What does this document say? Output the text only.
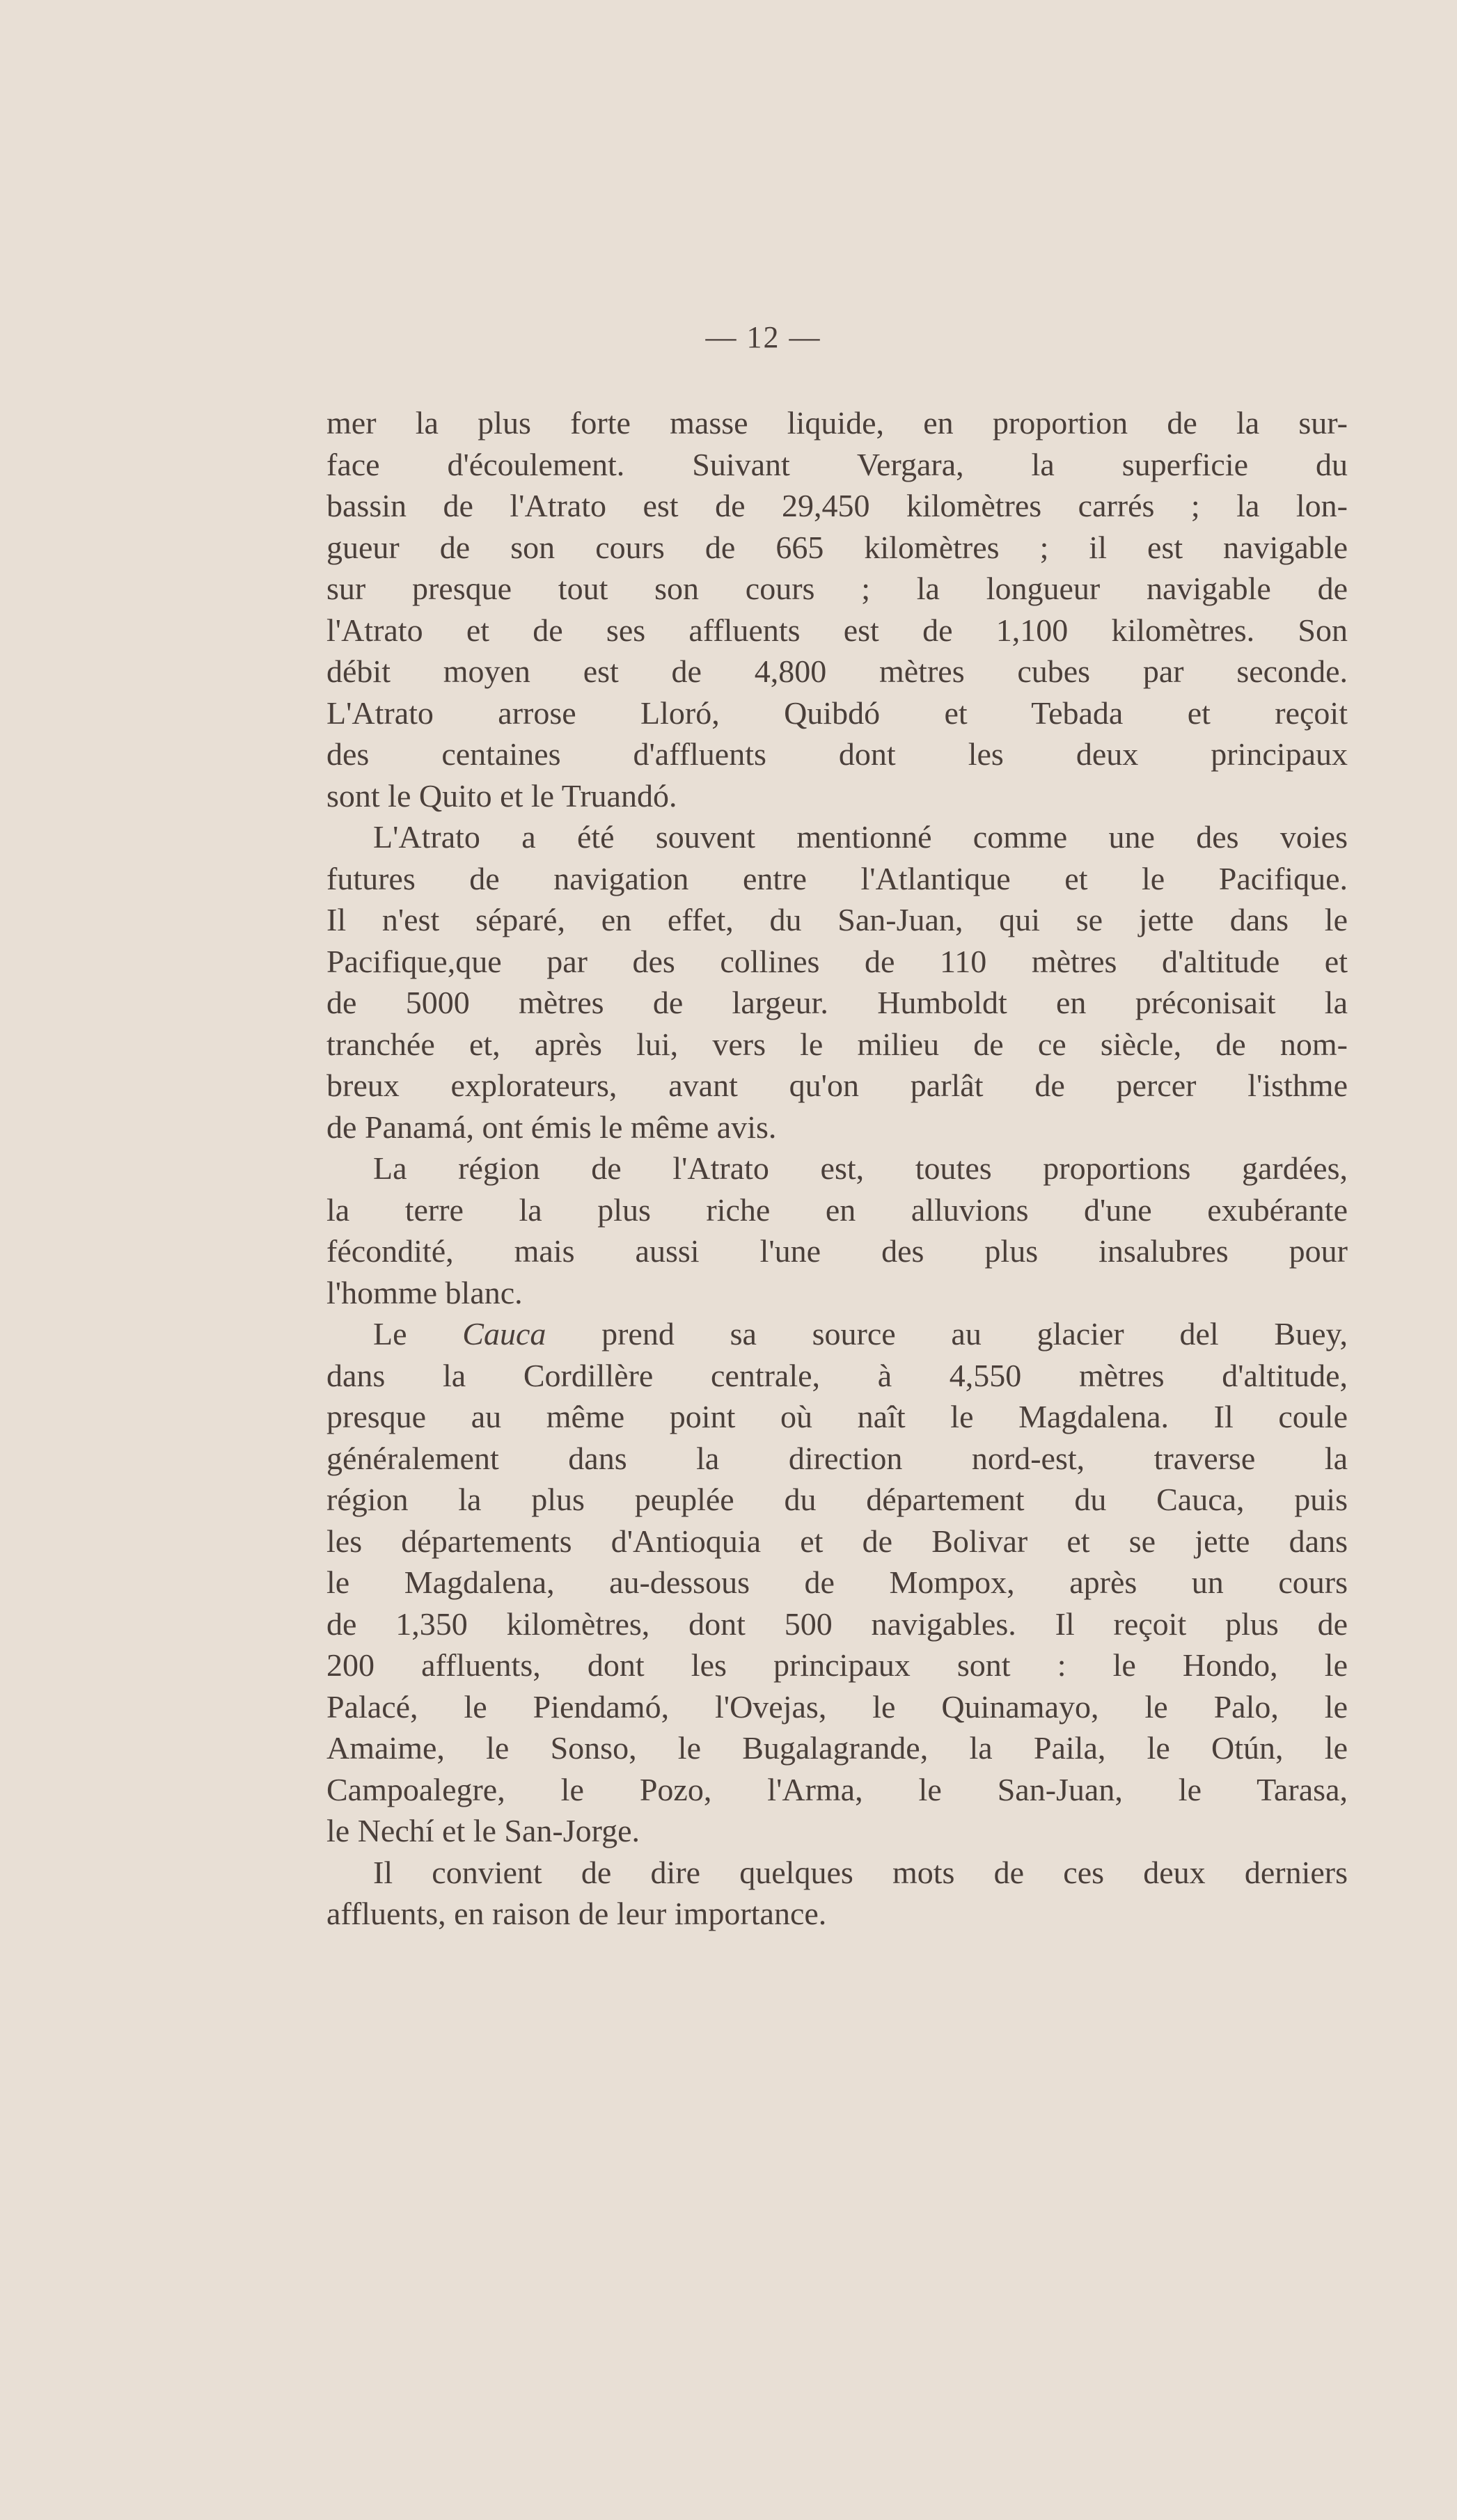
— 12 —
mer la plus forte masse liquide, en proportion de la sur-
face d'écoulement. Suivant Vergara, la superficie du
bassin de l'Atrato est de 29,450 kilomètres carrés ; la lon-
gueur de son cours de 665 kilomètres ; il est navigable
sur presque tout son cours ; la longueur navigable de
l'Atrato et de ses affluents est de 1,100 kilomètres. Son
débit moyen est de 4,800 mètres cubes par seconde.
L'Atrato arrose Lloró, Quibdó et Tebada et reçoit
des centaines d'affluents dont les deux principaux
sont le Quito et le Truandó.
L'Atrato a été souvent mentionné comme une des voies
futures de navigation entre l'Atlantique et le Pacifique.
Il n'est séparé, en effet, du San-Juan, qui se jette dans le
Pacifique,que par des collines de 110 mètres d'altitude et
de 5000 mètres de largeur. Humboldt en préconisait la
tranchée et, après lui, vers le milieu de ce siècle, de nom-
breux explorateurs, avant qu'on parlât de percer l'isthme
de Panamá, ont émis le même avis.
La région de l'Atrato est, toutes proportions gardées,
la terre la plus riche en alluvions d'une exubérante
fécondité, mais aussi l'une des plus insalubres pour
l'homme blanc.
Le Cauca prend sa source au glacier del Buey,
dans la Cordillère centrale, à 4,550 mètres d'altitude,
presque au même point où naît le Magdalena. Il coule
généralement dans la direction nord-est, traverse la
région la plus peuplée du département du Cauca, puis
les départements d'Antioquia et de Bolivar et se jette dans
le Magdalena, au-dessous de Mompox, après un cours
de 1,350 kilomètres, dont 500 navigables. Il reçoit plus de
200 affluents, dont les principaux sont : le Hondo, le
Palacé, le Piendamó, l'Ovejas, le Quinamayo, le Palo, le
Amaime, le Sonso, le Bugalagrande, la Paila, le Otún, le
Campoalegre, le Pozo, l'Arma, le San-Juan, le Tarasa,
le Nechí et le San-Jorge.
Il convient de dire quelques mots de ces deux derniers
affluents, en raison de leur importance.
